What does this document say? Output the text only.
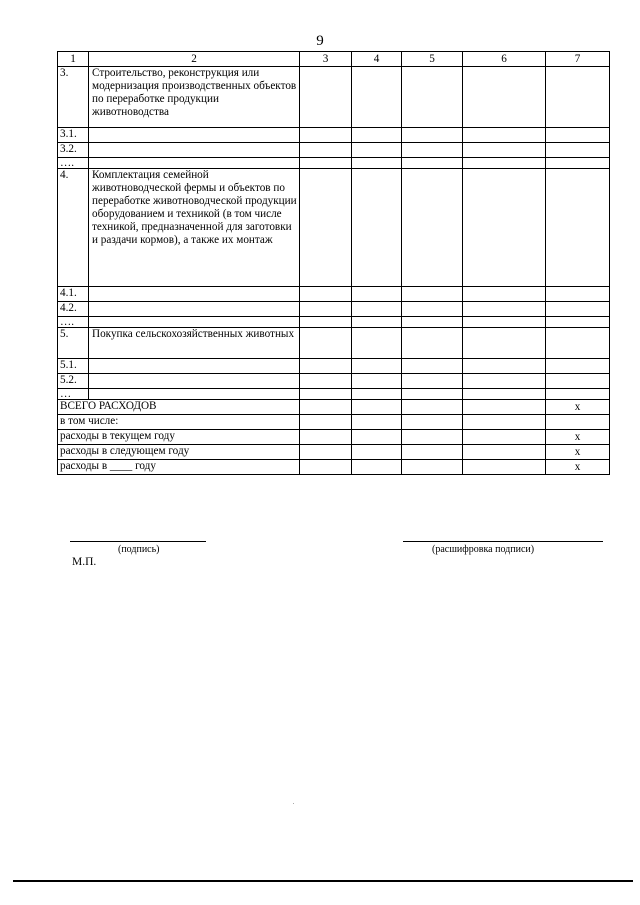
9
1	2	3	4	5	6	7
3.	Строительство, реконструкция или модернизация производственных объектов по переработке продукции животноводства					
3.1.						
3.2.						
….						
4.	Комплектация семейной животноводческой фермы и объектов по переработке животноводческой продукции оборудованием и техникой (в том числе техникой, предназначенной для заготовки и раздачи кормов), а также их монтаж					
4.1.						
4.2.						
….						
5.	Покупка сельскохозяйственных животных					
5.1.						
5.2.						
…						
ВСЕГО РАСХОДОВ						х
в том числе:						
расходы в текущем году						х
расходы в следующем году						х
расходы в ____ году						х
(подпись)	(расшифровка подписи)
М.П.
